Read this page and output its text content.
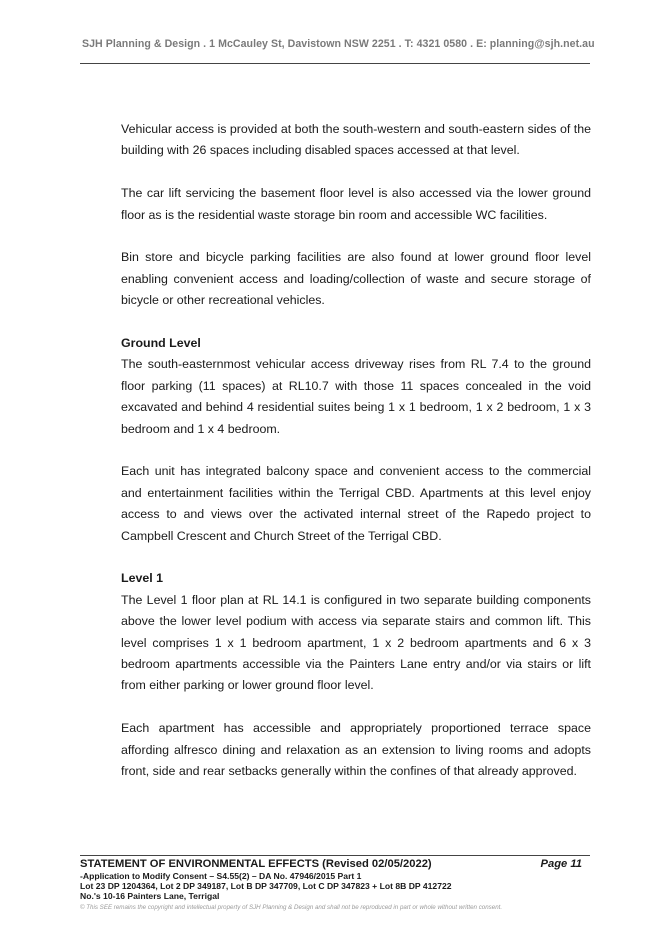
SJH Planning & Design . 1 McCauley St, Davistown NSW 2251 . T: 4321 0580 . E: planning@sjh.net.au

Vehicular access is provided at both the south-western and south-eastern sides of the building with 26 spaces including disabled spaces accessed at that level.

The car lift servicing the basement floor level is also accessed via the lower ground floor as is the residential waste storage bin room and accessible WC facilities.

Bin store and bicycle parking facilities are also found at lower ground floor level enabling convenient access and loading/collection of waste and secure storage of bicycle or other recreational vehicles.

Ground Level

The south-easternmost vehicular access driveway rises from RL 7.4 to the ground floor parking (11 spaces) at RL10.7 with those 11 spaces concealed in the void excavated and behind 4 residential suites being 1 x 1 bedroom, 1 x 2 bedroom, 1 x 3 bedroom and 1 x 4 bedroom.

Each unit has integrated balcony space and convenient access to the commercial and entertainment facilities within the Terrigal CBD. Apartments at this level enjoy access to and views over the activated internal street of the Rapedo project to Campbell Crescent and Church Street of the Terrigal CBD.

Level 1

The Level 1 floor plan at RL 14.1 is configured in two separate building components above the lower level podium with access via separate stairs and common lift. This level comprises 1 x 1 bedroom apartment, 1 x 2 bedroom apartments and 6 x 3 bedroom apartments accessible via the Painters Lane entry and/or via stairs or lift from either parking or lower ground floor level.

Each apartment has accessible and appropriately proportioned terrace space affording alfresco dining and relaxation as an extension to living rooms and adopts front, side and rear setbacks generally within the confines of that already approved.

STATEMENT OF ENVIRONMENTAL EFFECTS (Revised 02/05/2022)	Page 11
-Application to Modify Consent – S4.55(2) – DA No. 47946/2015 Part 1
Lot 23 DP 1204364, Lot 2 DP 349187, Lot B DP 347709, Lot C DP 347823 + Lot 8B DP 412722
No.'s 10-16 Painters Lane, Terrigal
© This SEE remains the copyright and intellectual property of SJH Planning & Design and shall not be reproduced in part or whole without written consent.
